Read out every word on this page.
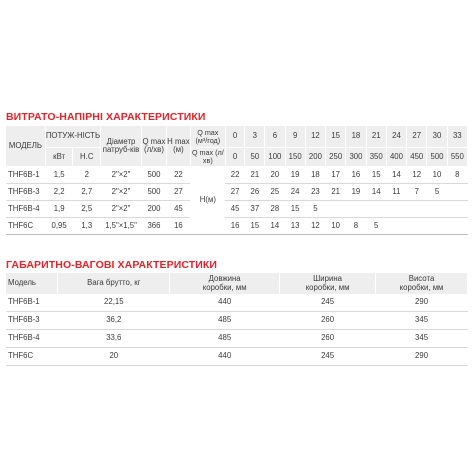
ВИТРАТО-НАПІРНІ ХАРАКТЕРИСТИКИ
МОДЕЛЬ	ПОТУЖ-НІСТЬ		Діаметр патруб-ків	Q max (л/хв)	Н max (м)	Q max (м³/год)	0	3	6	9	12	15	18	21	24	27	30	33
	кВт	Н.С				Q max (л/хв)	0	50	100	150	200	250	300	350	400	450	500	550

THF6В-1	1,5	2	2"×2"	500	22	Н(м)	22	21	20	19	18	17	16	15	14	12	10	8
THF6В-3	2,2	2,7	2"×2"	500	27		27	26	25	24	23	21	19	14	11	7	5	
THF6В-4	1,9	2,5	2"×2"	200	45		45	37	28	15	5							
THF6C	0,95	1,3	1,5"×1,5"	366	16		16	15	14	13	12	10	8	5				
ГАБАРИТНО-ВАГОВІ ХАРАКТЕРИСТИКИ
Модель	Вага брутто, кг	Довжина коробки, мм	Ширина коробки, мм	Висота коробки, мм
THF6В-1	22,15	440	245	290
THF6В-3	36,2	485	260	345
THF6В-4	33,6	485	260	345
THF6C	20	440	245	290
